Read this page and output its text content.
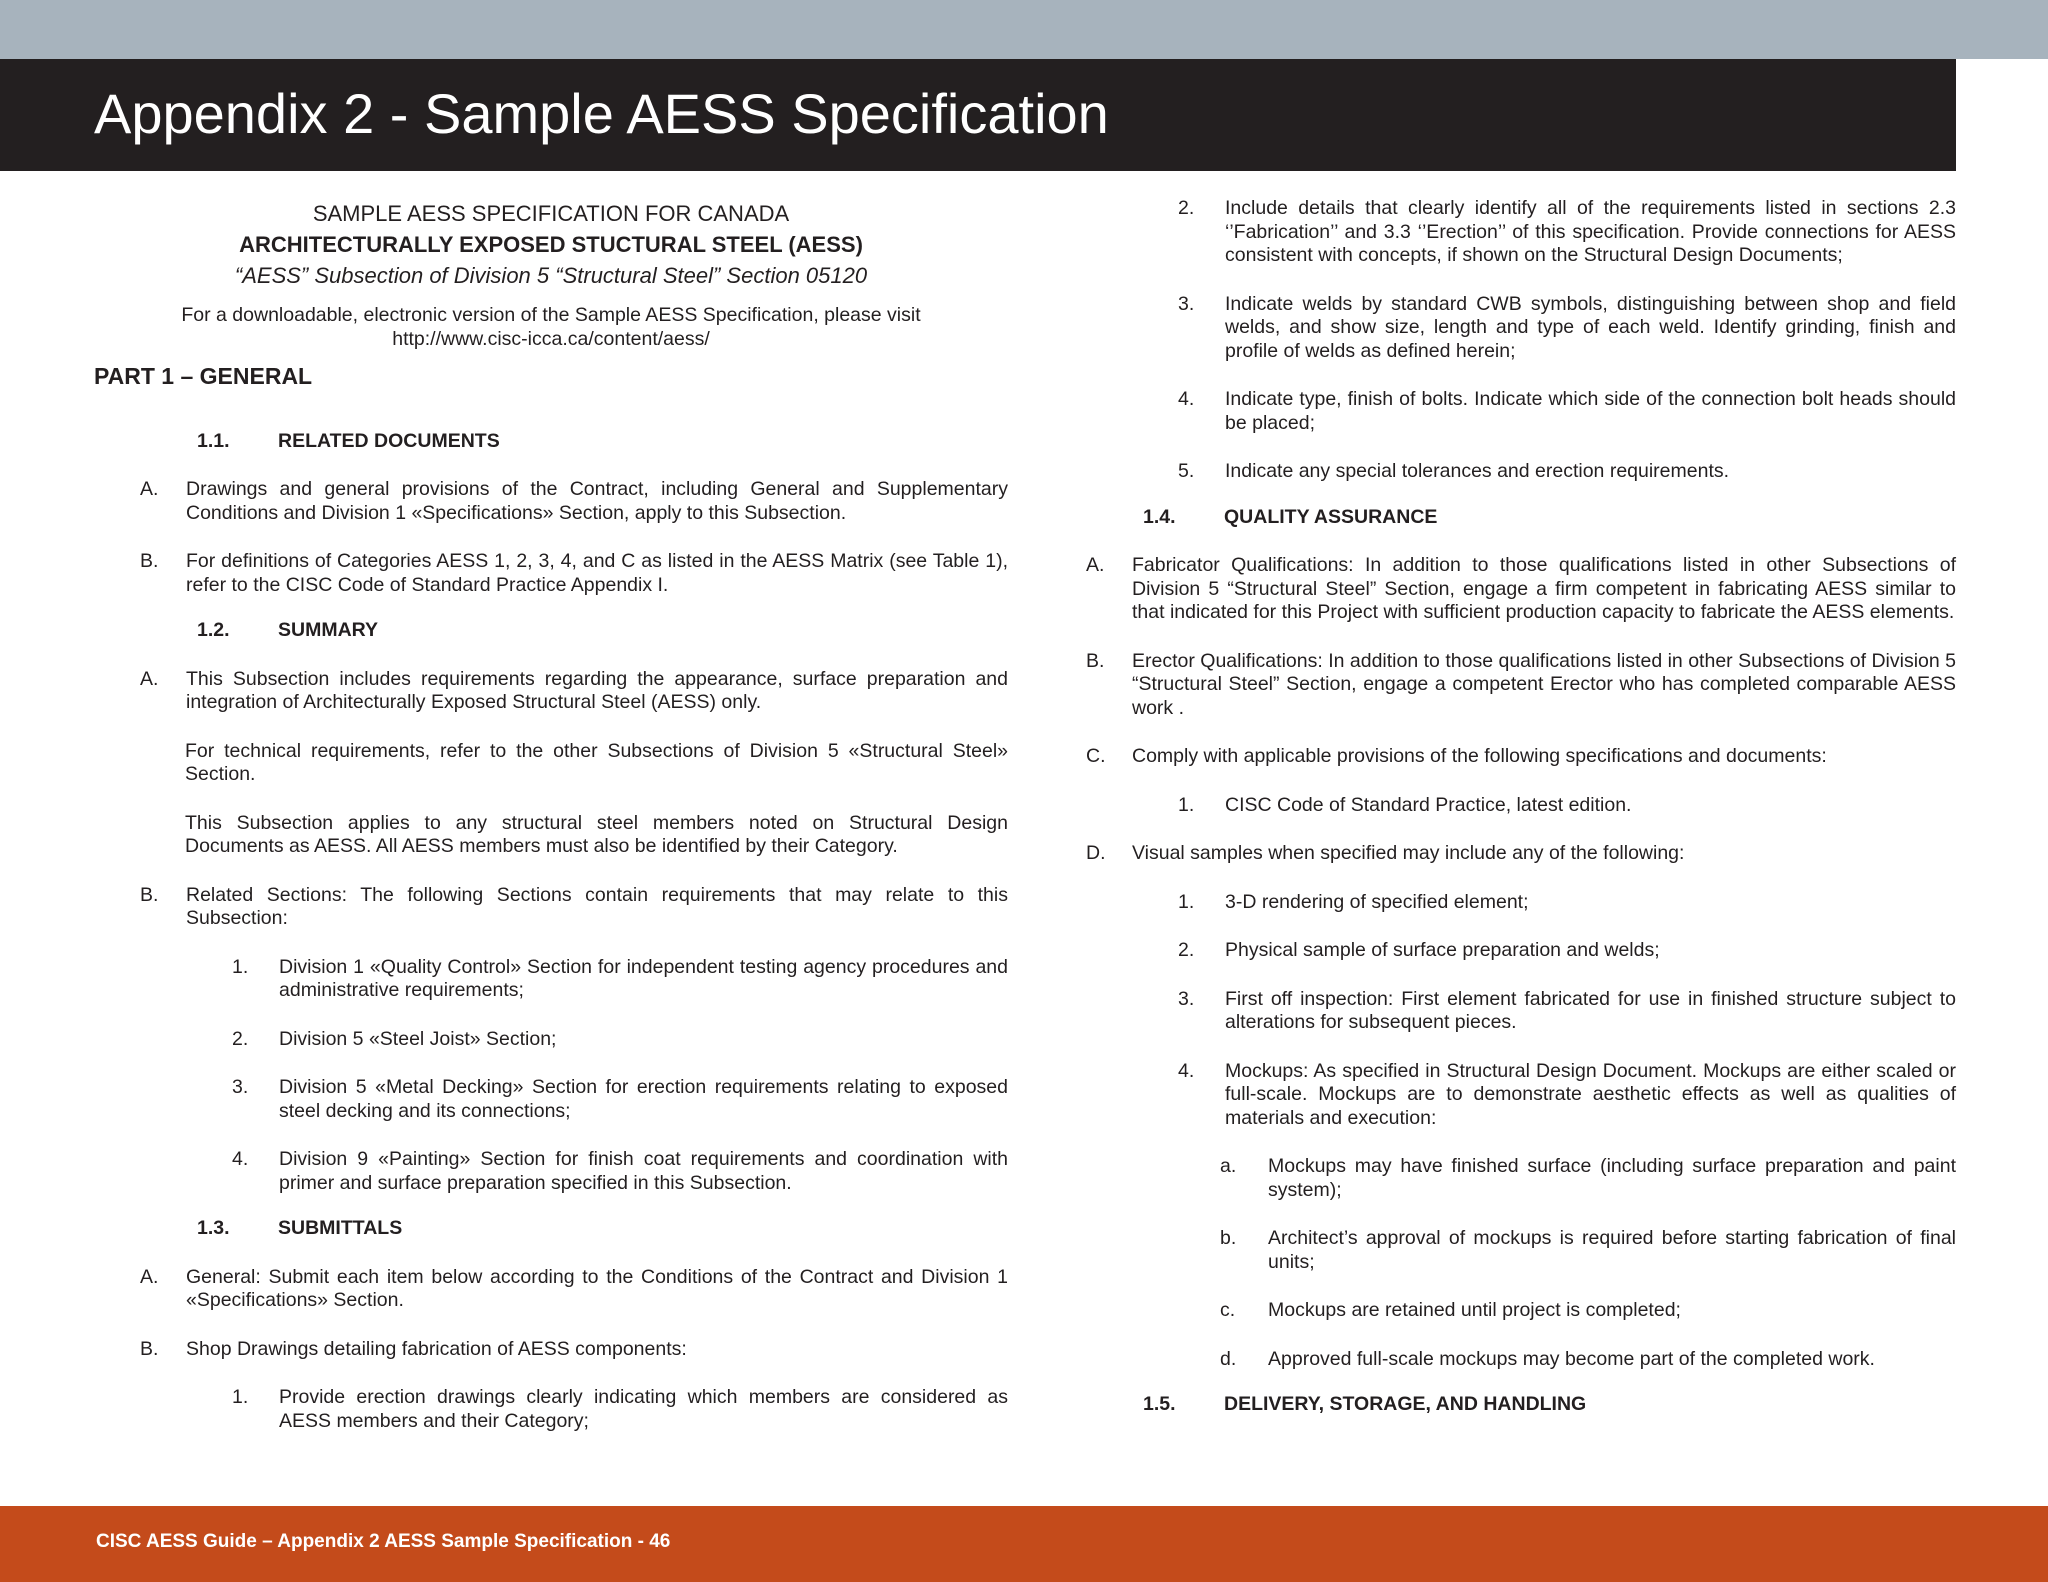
Appendix 2 - Sample AESS Specification
SAMPLE AESS SPECIFICATION FOR CANADA
ARCHITECTURALLY EXPOSED STUCTURAL STEEL (AESS)
“AESS” Subsection of Division 5 “Structural Steel” Section 05120
For a downloadable, electronic version of the Sample AESS Specification, please visit
http://www.cisc-icca.ca/content/aess/
PART 1 – GENERAL
1.1.	RELATED DOCUMENTS
A.	Drawings and general provisions of the Contract, including General and Supplementary Conditions and Division 1 «Specifications» Section, apply to this Subsection.
B.	For definitions of Categories AESS 1, 2, 3, 4, and C as listed in the AESS Matrix (see Table 1), refer to the CISC Code of Standard Practice Appendix I.
1.2.	SUMMARY
A.	This Subsection includes requirements regarding the appearance, surface preparation and integration of Architecturally Exposed Structural Steel (AESS) only.
For technical requirements, refer to the other Subsections of Division 5 «Structural Steel» Section.
This Subsection applies to any structural steel members noted on Structural Design Documents as AESS. All AESS members must also be identified by their Category.
B.	Related Sections: The following Sections contain requirements that may relate to this Subsection:
1.	Division 1 «Quality Control» Section for independent testing agency procedures and administrative requirements;
2.	Division 5 «Steel Joist» Section;
3.	Division 5 «Metal Decking» Section for erection requirements relating to exposed steel decking and its connections;
4.	Division 9 «Painting» Section for finish coat requirements and coordination with primer and surface preparation specified in this Subsection.
1.3.	SUBMITTALS
A.	General: Submit each item below according to the Conditions of the Contract and Division 1 «Specifications» Section.
B.	Shop Drawings detailing fabrication of AESS components:
1.	Provide erection drawings clearly indicating which members are considered as AESS members and their Category;
2.	Include details that clearly identify all of the requirements listed in sections 2.3 ‘’Fabrication’’ and 3.3 ‘’Erection’’ of this specification. Provide connections for AESS consistent with concepts, if shown on the Structural Design Documents;
3.	Indicate welds by standard CWB symbols, distinguishing between shop and field welds, and show size, length and type of each weld. Identify grinding, finish and profile of welds as defined herein;
4.	Indicate type, finish of bolts. Indicate which side of the connection bolt heads should be placed;
5.	Indicate any special tolerances and erection requirements.
1.4.	QUALITY ASSURANCE
A.	Fabricator Qualifications: In addition to those qualifications listed in other Subsections of Division 5 “Structural Steel” Section, engage a firm competent in fabricating AESS similar to that indicated for this Project with sufficient production capacity to fabricate the AESS elements.
B.	Erector Qualifications: In addition to those qualifications listed in other Subsections of Division 5 “Structural Steel” Section, engage a competent Erector who has completed comparable AESS work .
C.	Comply with applicable provisions of the following specifications and documents:
1.	CISC Code of Standard Practice, latest edition.
D.	Visual samples when specified may include any of the following:
1.	3-D rendering of specified element;
2.	Physical sample of surface preparation and welds;
3.	First off inspection: First element fabricated for use in finished structure subject to alterations for subsequent pieces.
4.	Mockups: As specified in Structural Design Document. Mockups are either scaled or full-scale. Mockups are to demonstrate aesthetic effects as well as qualities of materials and execution:
a.	Mockups may have finished surface (including surface preparation and paint system);
b.	Architect’s approval of mockups is required before starting fabrication of final units;
c.	Mockups are retained until project is completed;
d.	Approved full-scale mockups may become part of the completed work.
1.5.	DELIVERY, STORAGE, AND HANDLING
CISC AESS Guide – Appendix 2 AESS Sample Specification - 46
